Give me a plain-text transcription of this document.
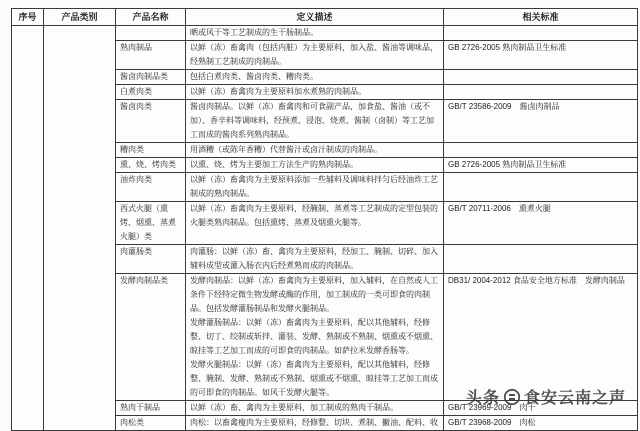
序号	产品类别	产品名称	定义描述	相关标准

			晒或风干等工艺制成的生干肠制品。	

		熟肉制品	以鲜（冻）畜禽肉（包括内脏）为主要原料，加入盐、酱油等调味品，经熟制工艺制成的肉制品。	GB 2726-2005 熟肉制品卫生标准
		酱卤肉制品类	包括白煮肉类、酱卤肉类、糟肉类。	

		白煮肉类	以鲜（冻）畜禽肉为主要原料加水煮熟的肉制品。	

		酱卤肉类	酱卤肉制品。以鲜（冻）畜禽肉和可食副产品，加食盐、酱油（或不加）、香辛料等调味料，经预煮、浸泡、烧煮、酱制（卤制）等工艺加工而成的酱肉系列熟肉制品。	GB/T 23586-2009　酱卤肉制品
		糟肉类	用酒糟（或陈年香糟）代替酱汁或卤汁制成的肉制品。	

		熏、烧、烤肉类	以熏、烧、烤为主要加工方法生产的熟肉制品。	GB 2726-2005 熟肉制品卫生标准
		油炸肉类	以鲜（冻）畜禽肉为主要原料添加一些辅料及调味料拌匀后经油炸工艺制成的熟肉制品。	

		西式火腿（熏烤、烟熏、蒸煮火腿）类	以鲜（冻）畜禽肉为主要原料，经腌制、蒸煮等工艺制成的定型包装的火腿类熟肉制品。包括熏烤、蒸煮及烟熏火腿等。	GB/T 20711-2006　熏煮火腿
		肉灌肠类	肉灌肠：以鲜（冻）畜、禽肉为主要原料，经加工、腌制、切碎、加入辅料成型或灌入肠衣内后经煮熟而成的肉制品。	

		发酵肉制品类	发酵肉制品：以鲜（冻）畜禽肉为主要原料，加入辅料，在自然或人工条件下经特定微生物发酵或酶的作用，加工制成的一类可即食的肉制品。包括发酵灌肠制品和发酵火腿制品。
发酵灌肠制品：以鲜（冻）畜禽肉为主要原料，配以其他辅料，经修整、切丁、绞制或斩拌、灌装、发酵、熟制或不熟制、烟熏或不烟熏、晾挂等工艺加工而成的可即食的肉制品。如萨拉米发酵香肠等。
发酵火腿制品：以鲜（冻）畜禽肉为主要原料，配以其他辅料，经修整、腌制、发酵、熟制或不熟制、烟熏或不烟熏、晾挂等工艺加工而成的可即食的肉制品。如风干发酵火腿等。	DB31/ 2004-2012 食品安全地方标准　发酵肉制品
		熟肉干制品	以鲜（冻）畜、禽肉为主要原料，加工制成的熟肉干制品。	GB/T 23969-2009　肉干
		肉松类	肉松：以畜禽瘦肉为主要原料，经修整、切块、煮制、撇油、配料、收	GB/T 23968-2009　肉松
头条 食安云南之声
